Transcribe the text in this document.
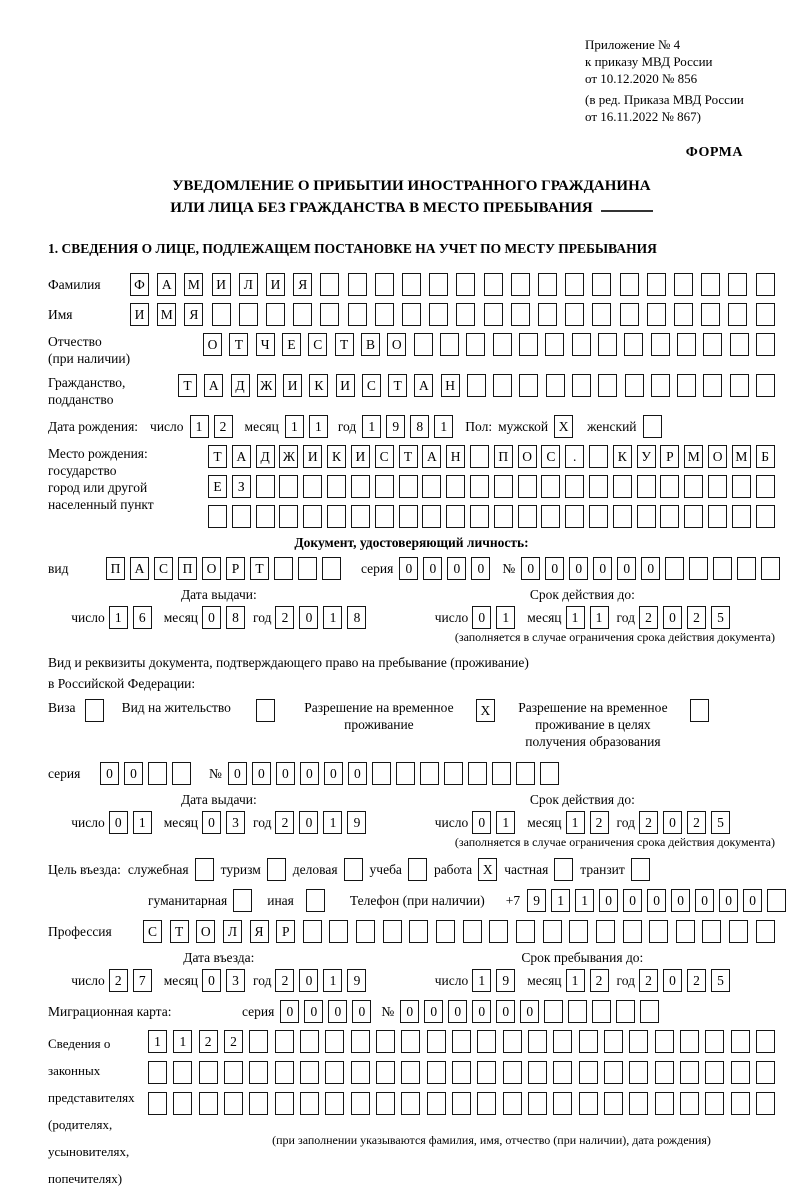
Приложение № 4
к приказу МВД России
от 10.12.2020 № 856
(в ред. Приказа МВД России
от 16.11.2022 № 867)
ФОРМА
УВЕДОМЛЕНИЕ О ПРИБЫТИИ ИНОСТРАННОГО ГРАЖДАНИНА
ИЛИ ЛИЦА БЕЗ ГРАЖДАНСТВА В МЕСТО ПРЕБЫВАНИЯ
1. СВЕДЕНИЯ О ЛИЦЕ, ПОДЛЕЖАЩЕМ ПОСТАНОВКЕ НА УЧЕТ ПО МЕСТУ ПРЕБЫВАНИЯ
Фамилия	Ф	А	М	И	Л	И	Я
Имя	И	М	Я
Отчество
(при наличии)
О	Т	Ч	Е	С	Т	В	О
Гражданство,
подданство
Т	А	Д	Ж	И	К	И	С	Т	А	Н
Дата рождения: число 1	2	месяц 1	1	год 1	9	8	1	Пол: мужской X	женский
Место рождения:
государство
город или другой
населенный пункт
Т	А	Д Ж И	К	И	С	Т	А	Н	П	О	С	.	К	У	Р	М О М	Б
Е	З
Документ, удостоверяющий личность:
вид	П	А	С	П	О	Р	Т	серия 0	0	0	0	№ 0	0	0	0	0	0
Дата выдачи:
число 1	6	месяц 0	8	год 2	0	1	8
Срок действия до:
число 0	1	месяц 1	1	год 2	0	2	5
(заполняется в случае ограничения срока действия документа)
Вид и реквизиты документа, подтверждающего право на пребывание (проживание)
в Российской Федерации:
Виза	Вид на жительство	Разрешение на временное проживание
X	Разрешение на временное проживание в целях получения образования
серия	0	0	№ 0	0	0	0	0	0
Дата выдачи:
число 0	1	месяц 0	3	год 2	0	1	9
Срок действия до:
число 0	1	месяц 1	2	год 2	0	2	5
(заполняется в случае ограничения срока действия документа)
Цель въезда: служебная туризм деловая учеба работа X частная транзит
гуманитарная	иная	Телефон (при наличии) +7 9	1	1	0	0	0	0	0	0	0
Профессия	С	Т	О	Л	Я	Р
Дата въезда:
число 2	7	месяц 0	3	год 2	0	1	9
Срок пребывания до:
число 1	9	месяц 1	2	год 2	0	2	5
Миграционная карта:	серия 0	0	0	0	№ 0	0	0	0	0	0
Сведения о
законных
представителях
(родителях,
усыновителях,
попечителях)
1	1	2	2
(при заполнении указываются фамилия, имя, отчество (при наличии), дата рождения)
